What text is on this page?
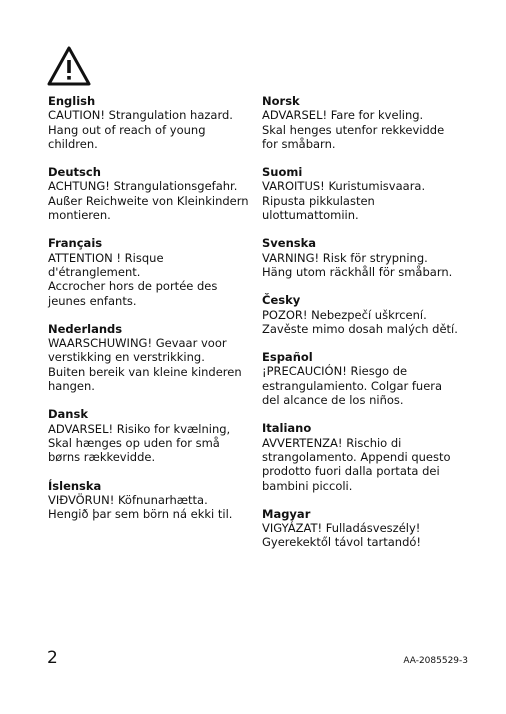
English
CAUTION! Strangulation hazard.
Hang out of reach of young
children.
Deutsch
ACHTUNG! Strangulationsgefahr.
Außer Reichweite von Kleinkindern
montieren.
Français
ATTENTION ! Risque
d'étranglement.
Accrocher hors de portée des
jeunes enfants.
Nederlands
WAARSCHUWING! Gevaar voor
verstikking en verstrikking.
Buiten bereik van kleine kinderen
hangen.
Dansk
ADVARSEL! Risiko for kvælning,
Skal hænges op uden for små
børns rækkevidde.
Íslenska
VIÐVÖRUN! Köfnunarhætta.
Hengið þar sem börn ná ekki til.
Norsk
ADVARSEL! Fare for kveling.
Skal henges utenfor rekkevidde
for småbarn.
Suomi
VAROITUS! Kuristumisvaara.
Ripusta pikkulasten
ulottumattomiin.
Svenska
VARNING! Risk för strypning.
Häng utom räckhåll för småbarn.
Česky
POZOR! Nebezpečí uškrcení.
Zavěste mimo dosah malých dětí.
Español
¡PRECAUCIÓN! Riesgo de
estrangulamiento. Colgar fuera
del alcance de los niños.
Italiano
AVVERTENZA! Rischio di
strangolamento. Appendi questo
prodotto fuori dalla portata dei
bambini piccoli.
Magyar
VIGYÁZAT! Fulladásveszély!
Gyerekektől távol tartandó!
2	AA-2085529-3
